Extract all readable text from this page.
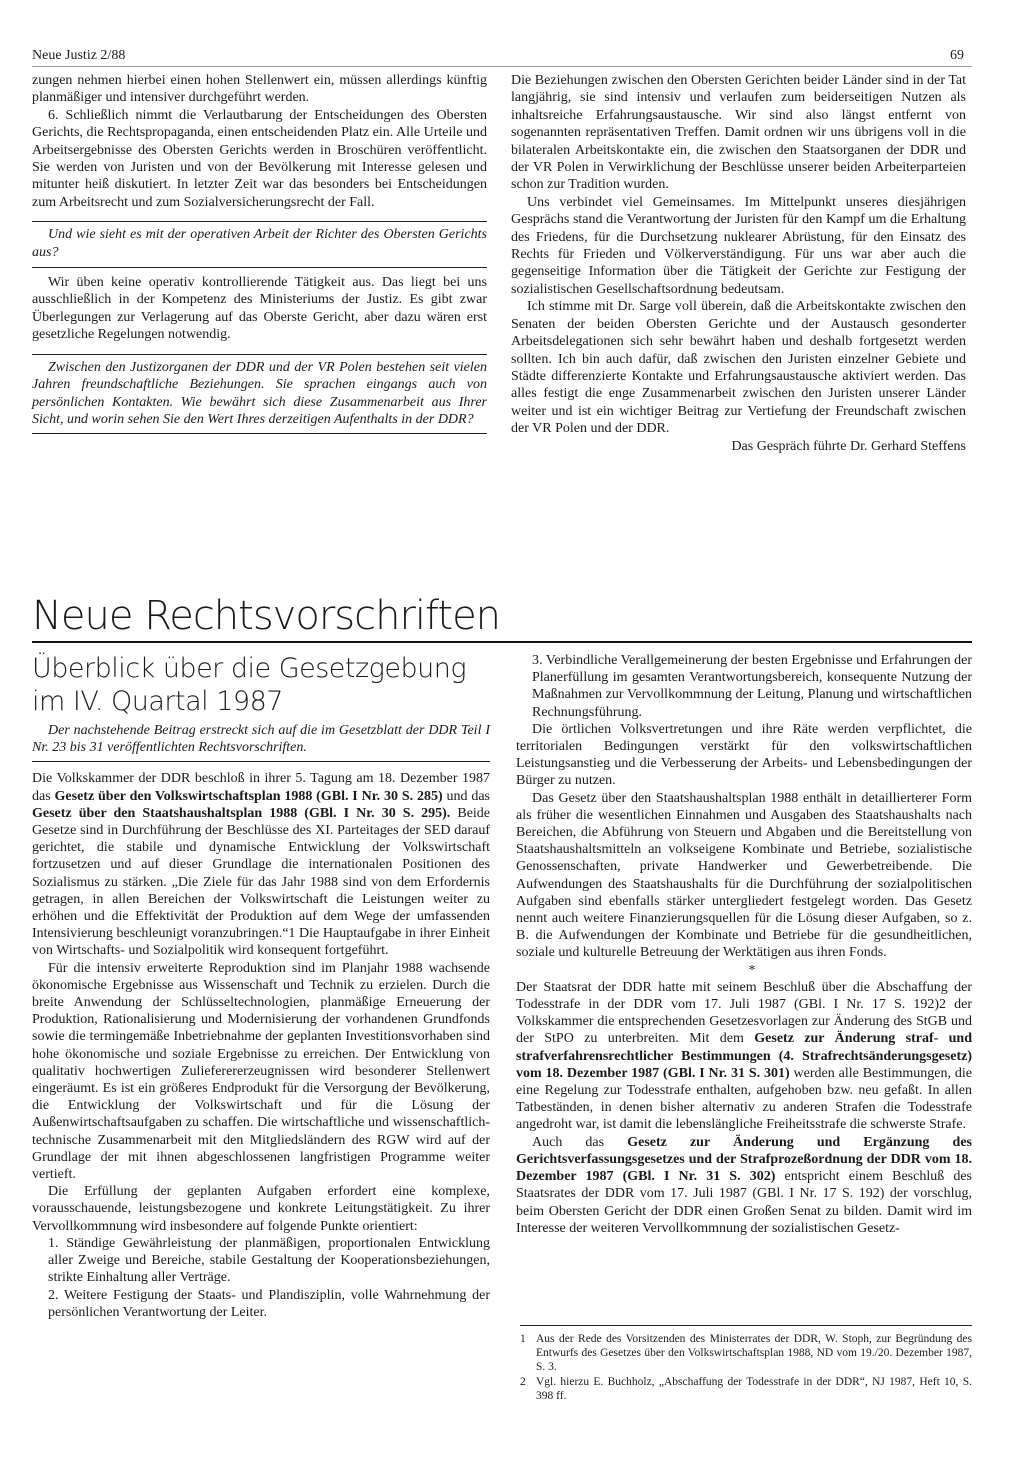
Neue Justiz 2/88	69

zungen nehmen hierbei einen hohen Stellenwert ein, müssen allerdings künftig planmäßiger und intensiver durchgeführt werden.

6. Schließlich nimmt die Verlautbarung der Entscheidungen des Obersten Gerichts, die Rechtspropaganda, einen entscheidenden Platz ein. Alle Urteile und Arbeitsergebnisse des Obersten Gerichts werden in Broschüren veröffentlicht. Sie werden von Juristen und von der Bevölkerung mit Interesse gelesen und mitunter heiß diskutiert. In letzter Zeit war das besonders bei Entscheidungen zum Arbeitsrecht und zum Sozialversicherungsrecht der Fall.

Und wie sieht es mit der operativen Arbeit der Richter des Obersten Gerichts aus?

Wir üben keine operativ kontrollierende Tätigkeit aus. Das liegt bei uns ausschließlich in der Kompetenz des Ministeriums der Justiz. Es gibt zwar Überlegungen zur Verlagerung auf das Oberste Gericht, aber dazu wären erst gesetzliche Regelungen notwendig.

Zwischen den Justizorganen der DDR und der VR Polen bestehen seit vielen Jahren freundschaftliche Beziehungen. Sie sprachen eingangs auch von persönlichen Kontakten. Wie bewährt sich diese Zusammenarbeit aus Ihrer Sicht, und worin sehen Sie den Wert Ihres derzeitigen Aufenthalts in der DDR?

Die Beziehungen zwischen den Obersten Gerichten beider Länder sind in der Tat langjährig, sie sind intensiv und verlaufen zum beiderseitigen Nutzen als inhaltsreiche Erfahrungsaustausche. Wir sind also längst entfernt von sogenannten repräsentativen Treffen. Damit ordnen wir uns übrigens voll in die bilateralen Arbeitskontakte ein, die zwischen den Staatsorganen der DDR und der VR Polen in Verwirklichung der Beschlüsse unserer beiden Arbeiterparteien schon zur Tradition wurden.

Uns verbindet viel Gemeinsames. Im Mittelpunkt unseres diesjährigen Gesprächs stand die Verantwortung der Juristen für den Kampf um die Erhaltung des Friedens, für die Durchsetzung nuklearer Abrüstung, für den Einsatz des Rechts für Frieden und Völkerverständigung. Für uns war aber auch die gegenseitige Information über die Tätigkeit der Gerichte zur Festigung der sozialistischen Gesellschaftsordnung bedeutsam.

Ich stimme mit Dr. Sarge voll überein, daß die Arbeitskontakte zwischen den Senaten der beiden Obersten Gerichte und der Austausch gesonderter Arbeitsdelegationen sich sehr bewährt haben und deshalb fortgesetzt werden sollten. Ich bin auch dafür, daß zwischen den Juristen einzelner Gebiete und Städte differenzierte Kontakte und Erfahrungsaustausche aktiviert werden. Das alles festigt die enge Zusammenarbeit zwischen den Juristen unserer Länder weiter und ist ein wichtiger Beitrag zur Vertiefung der Freundschaft zwischen der VR Polen und der DDR.

Das Gespräch führte Dr. Gerhard Steffens

Neue Rechtsvorschriften
Überblick über die Gesetzgebung
im IV. Quartal 1987

Der nachstehende Beitrag erstreckt sich auf die im Gesetzblatt der DDR Teil I Nr. 23 bis 31 veröffentlichten Rechtsvorschriften.

Die Volkskammer der DDR beschloß in ihrer 5. Tagung am 18. Dezember 1987 das Gesetz über den Volkswirtschaftsplan 1988 (GBl. I Nr. 30 S. 285) und das Gesetz über den Staatshaushaltsplan 1988 (GBl. I Nr. 30 S. 295). Beide Gesetze sind in Durchführung der Beschlüsse des XI. Parteitages der SED darauf gerichtet, die stabile und dynamische Entwicklung der Volkswirtschaft fortzusetzen und auf dieser Grundlage die internationalen Positionen des Sozialismus zu stärken. „Die Ziele für das Jahr 1988 sind von dem Erfordernis getragen, in allen Bereichen der Volkswirtschaft die Leistungen weiter zu erhöhen und die Effektivität der Produktion auf dem Wege der umfassenden Intensivierung beschleunigt voranzubringen.“1 Die Hauptaufgabe in ihrer Einheit von Wirtschafts- und Sozialpolitik wird konsequent fortgeführt.

Für die intensiv erweiterte Reproduktion sind im Planjahr 1988 wachsende ökonomische Ergebnisse aus Wissenschaft und Technik zu erzielen. Durch die breite Anwendung der Schlüsseltechnologien, planmäßige Erneuerung der Produktion, Rationalisierung und Modernisierung der vorhandenen Grundfonds sowie die termingemäße Inbetriebnahme der geplanten Investitionsvorhaben sind hohe ökonomische und soziale Ergebnisse zu erreichen. Der Entwicklung von qualitativ hochwertigen Zulieferererzeugnissen wird besonderer Stellenwert eingeräumt. Es ist ein größeres Endprodukt für die Versorgung der Bevölkerung, die Entwicklung der Volkswirtschaft und für die Lösung der Außenwirtschaftsaufgaben zu schaffen. Die wirtschaftliche und wissenschaftlich-technische Zusammenarbeit mit den Mitgliedsländern des RGW wird auf der Grundlage der mit ihnen abgeschlossenen langfristigen Programme weiter vertieft.

Die Erfüllung der geplanten Aufgaben erfordert eine komplexe, vorausschauende, leistungsbezogene und konkrete Leitungstätigkeit. Zu ihrer Vervollkommnung wird insbesondere auf folgende Punkte orientiert:

1. Ständige Gewährleistung der planmäßigen, proportionalen Entwicklung aller Zweige und Bereiche, stabile Gestaltung der Kooperationsbeziehungen, strikte Einhaltung aller Verträge.

2. Weitere Festigung der Staats- und Plandisziplin, volle Wahrnehmung der persönlichen Verantwortung der Leiter.

3. Verbindliche Verallgemeinerung der besten Ergebnisse und Erfahrungen der Planerfüllung im gesamten Verantwortungsbereich, konsequente Nutzung der Maßnahmen zur Vervollkommnung der Leitung, Planung und wirtschaftlichen Rechnungsführung.

Die örtlichen Volksvertretungen und ihre Räte werden verpflichtet, die territorialen Bedingungen verstärkt für den volkswirtschaftlichen Leistungsanstieg und die Verbesserung der Arbeits- und Lebensbedingungen der Bürger zu nutzen.

Das Gesetz über den Staatshaushaltsplan 1988 enthält in detaillierterer Form als früher die wesentlichen Einnahmen und Ausgaben des Staatshaushalts nach Bereichen, die Abführung von Steuern und Abgaben und die Bereitstellung von Staatshaushaltsmitteln an volkseigene Kombinate und Betriebe, sozialistische Genossenschaften, private Handwerker und Gewerbetreibende. Die Aufwendungen des Staatshaushalts für die Durchführung der sozialpolitischen Aufgaben sind ebenfalls stärker untergliedert festgelegt worden. Das Gesetz nennt auch weitere Finanzierungsquellen für die Lösung dieser Aufgaben, so z. B. die Aufwendungen der Kombinate und Betriebe für die gesundheitlichen, soziale und kulturelle Betreuung der Werktätigen aus ihren Fonds.

*

Der Staatsrat der DDR hatte mit seinem Beschluß über die Abschaffung der Todesstrafe in der DDR vom 17. Juli 1987 (GBl. I Nr. 17 S. 192)2 der Volkskammer die entsprechenden Gesetzesvorlagen zur Änderung des StGB und der StPO zu unterbreiten. Mit dem Gesetz zur Änderung straf- und strafverfahrensrechtlicher Bestimmungen (4. Strafrechtsänderungsgesetz) vom 18. Dezember 1987 (GBl. I Nr. 31 S. 301) werden alle Bestimmungen, die eine Regelung zur Todesstrafe enthalten, aufgehoben bzw. neu gefaßt. In allen Tatbeständen, in denen bisher alternativ zu anderen Strafen die Todesstrafe angedroht war, ist damit die lebenslängliche Freiheitsstrafe die schwerste Strafe.

Auch das Gesetz zur Änderung und Ergänzung des Gerichtsverfassungsgesetzes und der Strafprozeßordnung der DDR vom 18. Dezember 1987 (GBl. I Nr. 31 S. 302) entspricht einem Beschluß des Staatsrates der DDR vom 17. Juli 1987 (GBl. I Nr. 17 S. 192) der vorschlug, beim Obersten Gericht der DDR einen Großen Senat zu bilden. Damit wird im Interesse der weiteren Vervollkommnung der sozialistischen Gesetz-

1 Aus der Rede des Vorsitzenden des Ministerrates der DDR, W. Stoph, zur Begründung des Entwurfs des Gesetzes über den Volkswirtschaftsplan 1988, ND vom 19./20. Dezember 1987, S. 3.
2 Vgl. hierzu E. Buchholz, „Abschaffung der Todesstrafe in der DDR“, NJ 1987, Heft 10, S. 398 ff.
